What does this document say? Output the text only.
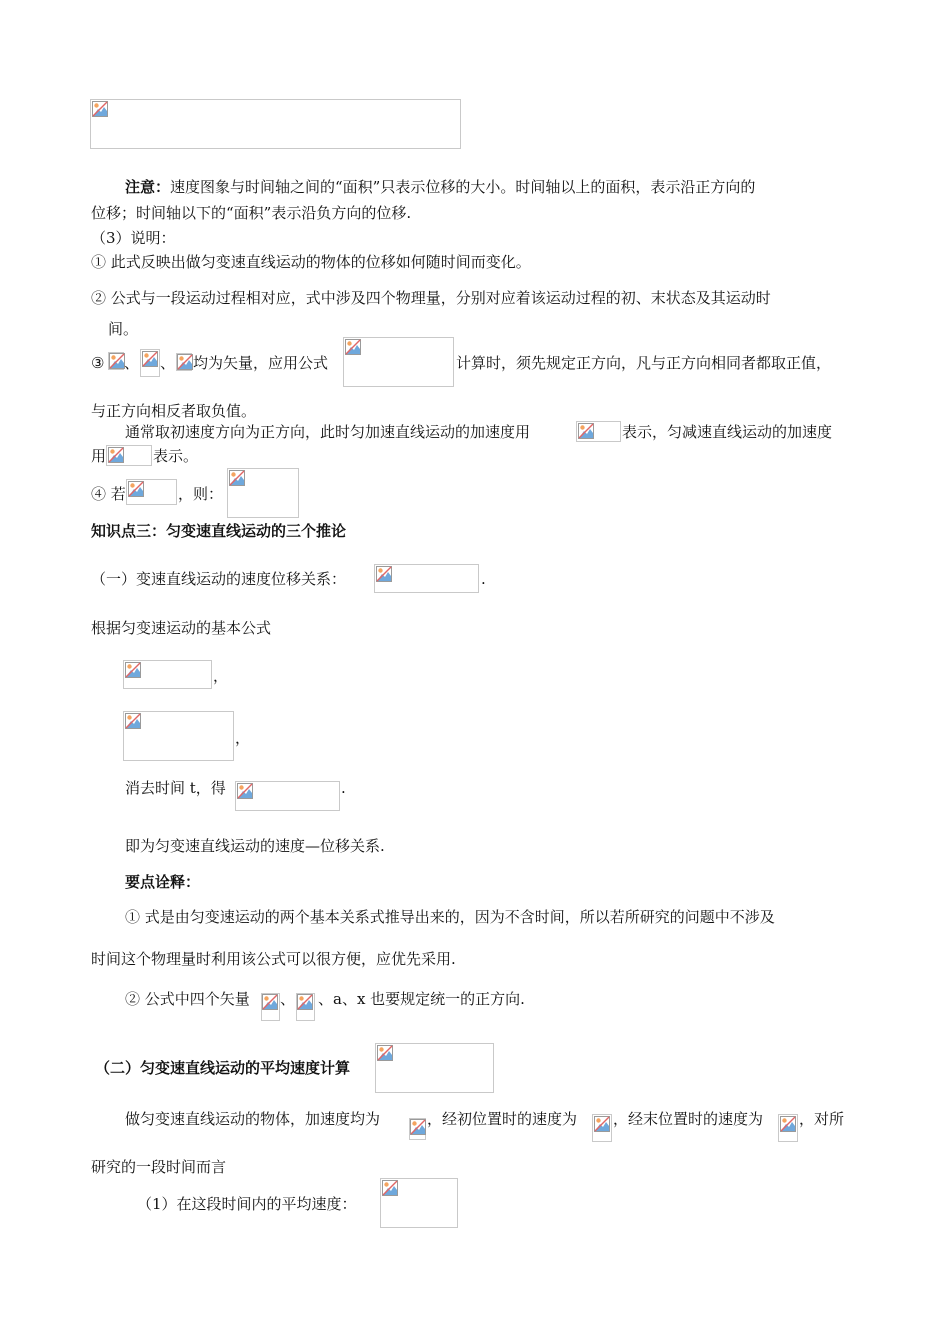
注意：速度图象与时间轴之间的“面积”只表示位移的大小。时间轴以上的面积，表示沿正方向的
位移；时间轴以下的“面积”表示沿负方向的位移.
（3）说明：
① 此式反映出做匀变速直线运动的物体的位移如何随时间而变化。
② 公式与一段运动过程相对应，式中涉及四个物理量，分别对应着该运动过程的初、末状态及其运动时
间。
③ 、 、 均为矢量，应用公式	计算时，须先规定正方向，凡与正方向相同者都取正值，
与正方向相反者取负值。
通常取初速度方向为正方向，此时匀加速直线运动的加速度用	表示，匀减速直线运动的加速度
用	表示。
④ 若	，则：
知识点三：匀变速直线运动的三个推论
（一）变速直线运动的速度位移关系：	.
根据匀变速运动的基本公式
，
，
消去时间 t，得	.
即为匀变速直线运动的速度—位移关系.
要点诠释：
① 式是由匀变速运动的两个基本关系式推导出来的，因为不含时间，所以若所研究的问题中不涉及
时间这个物理量时利用该公式可以很方便，应优先采用.
② 公式中四个矢量 、 、a、x 也要规定统一的正方向.
（二）匀变速直线运动的平均速度计算
做匀变速直线运动的物体，加速度均为	，经初位置时的速度为 ，经末位置时的速度为 ，对所
研究的一段时间而言
（1）在这段时间内的平均速度：
